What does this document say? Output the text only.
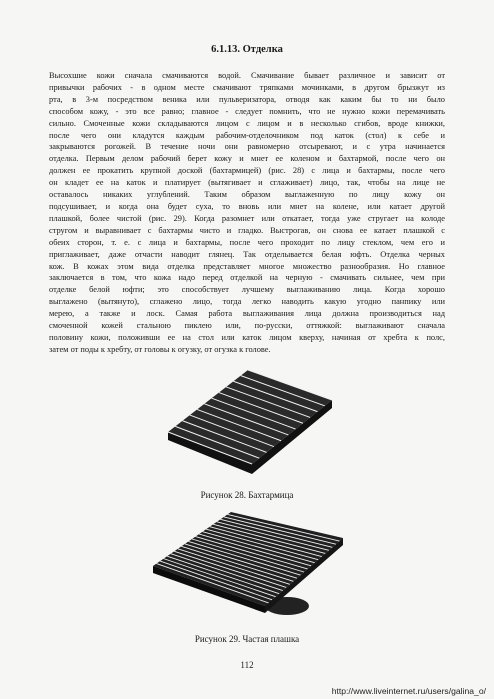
6.1.13. Отделка
Высохшие кожи сначала смачиваются водой. Смачивание бывает различное и зависит от
привычки рабочих - в одном месте смачивают тряпками мочинками, в другом брызжут из
рта, в 3-м посредством веника или пульверизатора, отводя как каким бы то ни было
способом кожу, - это все равно; главное - следует помнить, что не нужно кожи перемачивать
сильно. Смоченные кожи складываются лицом с лицом и в несколько сгибов, вроде книжки,
после чего они кладутся каждым рабочим-отделочником под каток (стол) к себе и
закрываются рогожей. В течение ночи они равномерно отсыревают, и с утра начинается
отделка. Первым делом рабочий берет кожу и мнет ее коленом и бахтармой, после чего он
должен ее прокатить крупной доской (бахтармицей) (рис. 28) с лица и бахтармы, после чего
он кладет ее на каток и платирует (вытягивает и сглаживает) лицо, так, чтобы на лице не
оставалось никаких углублений. Таким образом выглаженную по лицу кожу он
подсушивает, и когда она будет суха, то вновь или мнет на колене, или катает другой
плашкой, более чистой (рис. 29). Когда разомнет или откатает, тогда уже стругает на колоде
стругом и выравнивает с бахтармы чисто и гладко. Выстрогав, он снова ее катает плашкой с
обеих сторон, т. е. с лица и бахтармы, после чего проходит по лицу стеклом, чем его и
приглаживает, даже отчасти наводит глянец. Так отделывается белая юфть. Отделка черных
кож. В кожах этом вида отделка представляет многое множество разнообразия. Но главное
заключается в том, что кожа надо перед отделкой на черную - смачивать сильнее, чем при
отделке белой юфти; это способствует лучшему выглаживанию лица. Когда хорошо
выглажено (вытянуто), сглажено лицо, тогда легко наводить какую угодно панпику или
мерею, а также и лоск. Самая работа выглаживания лица должна производиться над
смоченной кожей стальною пиклею или, по-русски, оттяжкой: выглаживают сначала
половину кожи, положивши ее на стол или каток лицом кверху, начиная от хребта к полс,
затем от поды к хребту, от головы к огузку, от огузка к голове.
Рисунок 28. Бахтармица
Рисунок 29. Частая плашка
112
http://www.liveinternet.ru/users/galina_o/
